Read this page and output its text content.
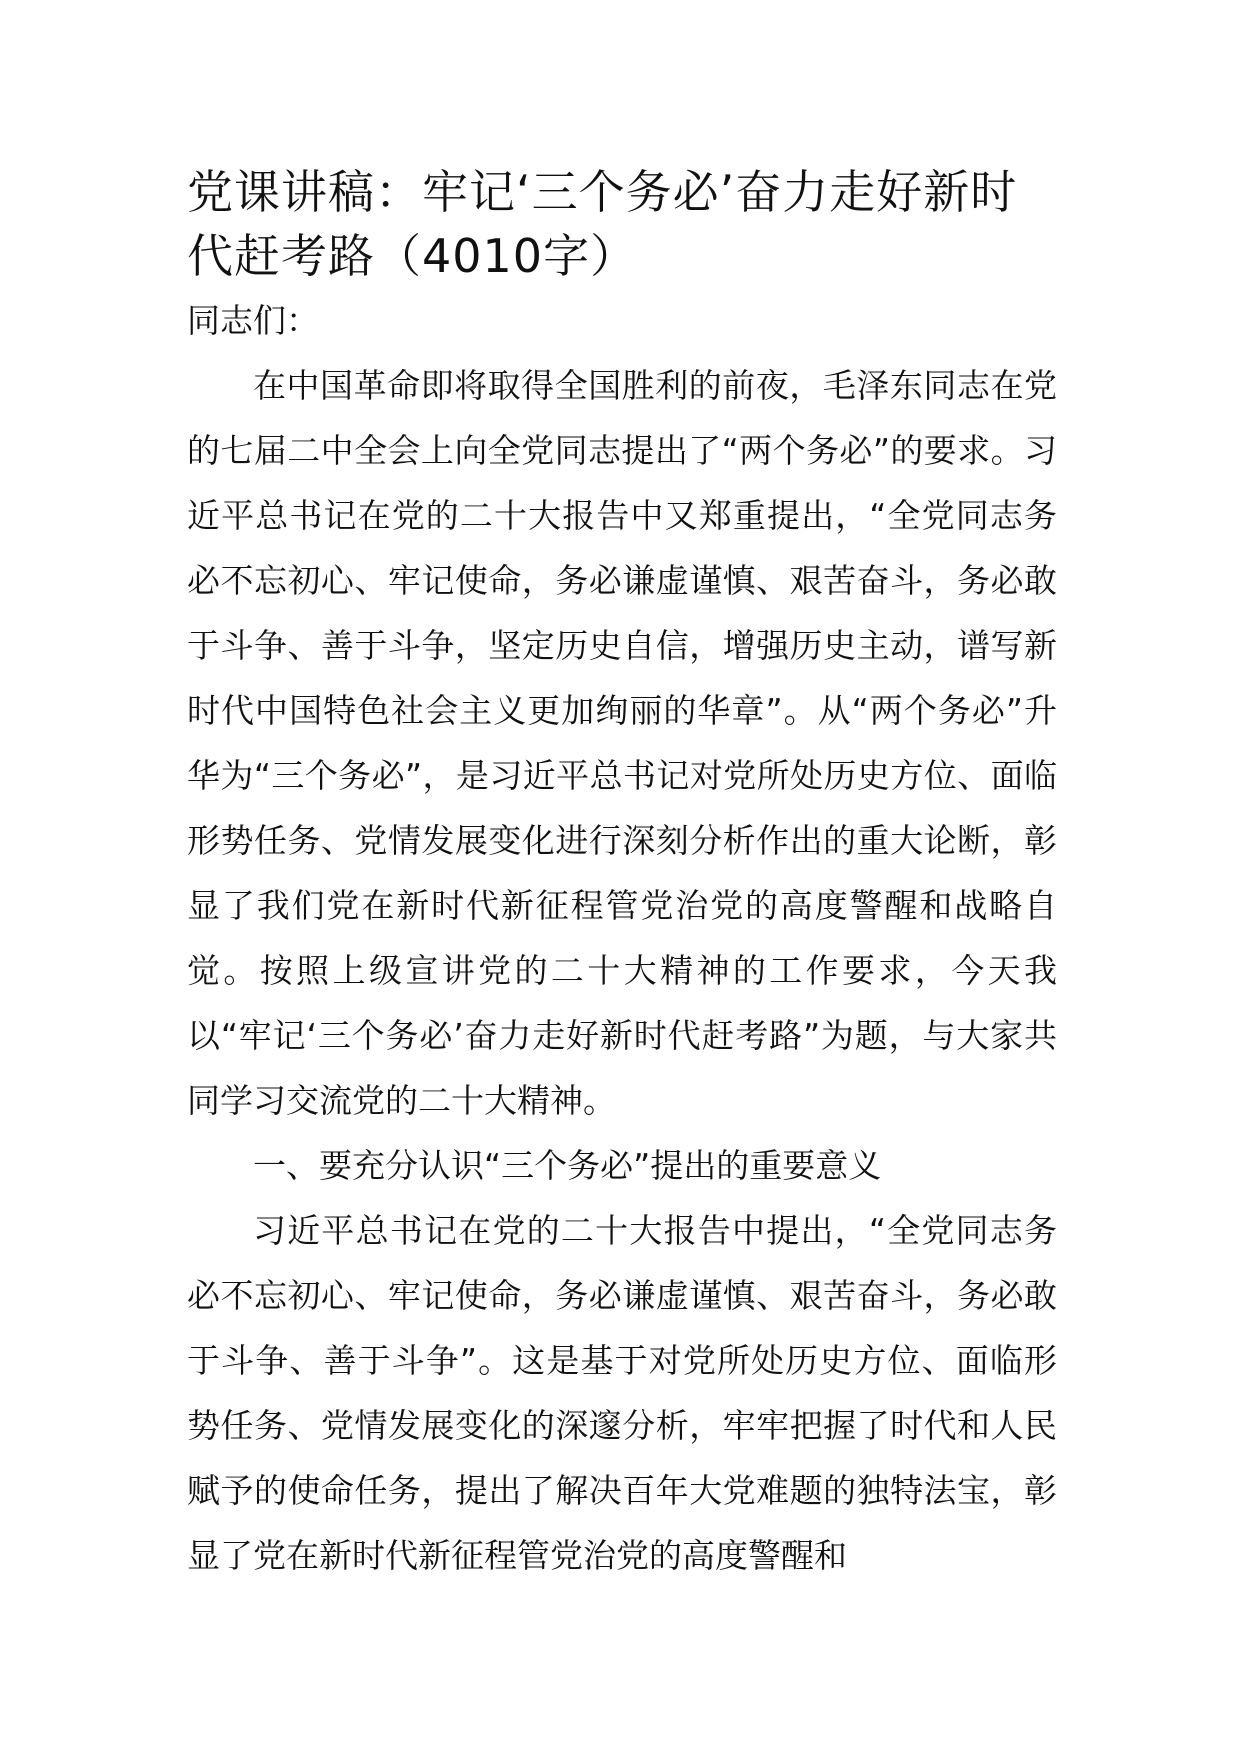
党课讲稿：牢记‘三个务必’奋力走好新时代赶考路（4010字）

同志们：

在中国革命即将取得全国胜利的前夜，毛泽东同志在党的七届二中全会上向全党同志提出了“两个务必”的要求。习近平总书记在党的二十大报告中又郑重提出，“全党同志务必不忘初心、牢记使命，务必谦虚谨慎、艰苦奋斗，务必敢于斗争、善于斗争，坚定历史自信，增强历史主动，谱写新时代中国特色社会主义更加绚丽的华章”。从“两个务必”升华为“三个务必”，是习近平总书记对党所处历史方位、面临形势任务、党情发展变化进行深刻分析作出的重大论断，彰显了我们党在新时代新征程管党治党的高度警醒和战略自觉。按照上级宣讲党的二十大精神的工作要求，今天我以“牢记‘三个务必’奋力走好新时代赶考路”为题，与大家共同学习交流党的二十大精神。

一、要充分认识“三个务必”提出的重要意义

习近平总书记在党的二十大报告中提出，“全党同志务必不忘初心、牢记使命，务必谦虚谨慎、艰苦奋斗，务必敢于斗争、善于斗争”。这是基于对党所处历史方位、面临形势任务、党情发展变化的深邃分析，牢牢把握了时代和人民赋予的使命任务，提出了解决百年大党难题的独特法宝，彰显了党在新时代新征程管党治党的高度警醒和
